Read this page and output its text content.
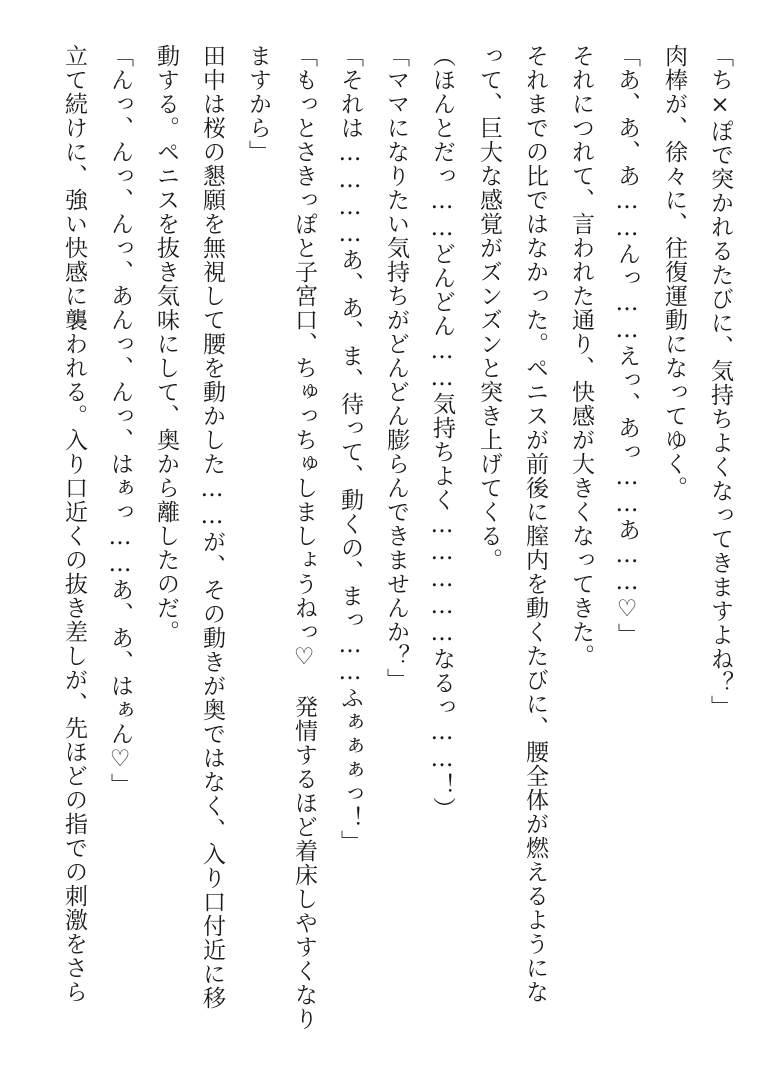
「ち×ぽで突かれるたびに、気持ちよくなってきますよね？」
肉棒が、徐々に、往復運動になってゆく。
「あ、あ、あ……んっ……えっ、あっ……あ……♡」
それにつれて、言われた通り、快感が大きくなってきた。
それまでの比ではなかった。ペニスが前後に膣内を動くたびに、腰全体が燃えるようにな
って、巨大な感覚がズンズンと突き上げてくる。
（ほんとだっ……どんどん……気持ちよく……………なるっ……！）
「ママになりたい気持ちがどんどん膨らんできませんか？」
「それは…………あ、あ、ま、待って、動くの、まっ……ふぁぁぁっ！」
「もっとさきっぽと子宮口、ちゅっちゅしましょうねっ♡　発情するほど着床しやすくなり
ますから」
田中は桜の懇願を無視して腰を動かした……が、その動きが奥ではなく、入り口付近に移
動する。ペニスを抜き気味にして、奥から離したのだ。
「んっ、んっ、んっ、あんっ、んっ、はぁっ……あ、あ、はぁん♡」
立て続けに、強い快感に襲われる。入り口近くの抜き差しが、先ほどの指での刺激をさら
